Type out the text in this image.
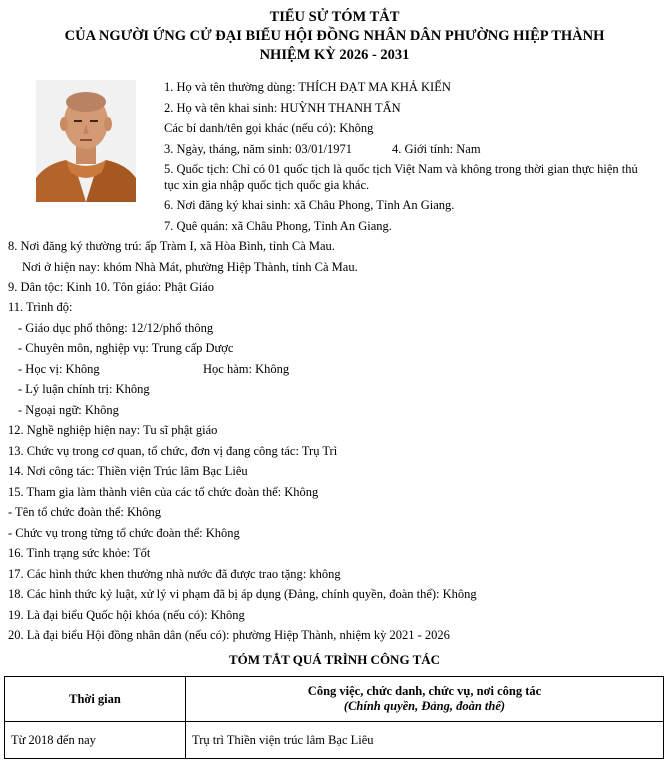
TIỂU SỬ TÓM TẮT
CỦA NGƯỜI ỨNG CỬ ĐẠI BIỂU HỘI ĐỒNG NHÂN DÂN PHƯỜNG HIỆP THÀNH
NHIỆM KỲ 2026 - 2031
1. Họ và tên thường dùng: THÍCH ĐẠT MA KHẢ KIẾN
2. Họ và tên khai sinh: HUỲNH THANH TẤN
Các bí danh/tên gọi khác (nếu có): Không
3. Ngày, tháng, năm sinh: 03/01/1971	4. Giới tính: Nam
5. Quốc tịch: Chỉ có 01 quốc tịch là quốc tịch Việt Nam và không trong thời gian thực hiện thủ
tục xin gia nhập quốc tịch quốc gia khác.
6. Nơi đăng ký khai sinh: xã Châu Phong, Tỉnh An Giang.
7. Quê quán: xã Châu Phong, Tỉnh An Giang.
8. Nơi đăng ký thường trú: ấp Tràm I, xã Hòa Bình, tỉnh Cà Mau.
Nơi ở hiện nay: khóm Nhà Mát, phường Hiệp Thành, tỉnh Cà Mau.
9. Dân tộc: Kinh 10. Tôn giáo: Phật Giáo
11. Trình độ:
- Giáo dục phổ thông: 12/12/phổ thông
- Chuyên môn, nghiệp vụ: Trung cấp Dược
- Học vị: Không	Học hàm: Không
- Lý luận chính trị: Không
- Ngoại ngữ: Không
12. Nghề nghiệp hiện nay: Tu sĩ phật giáo
13. Chức vụ trong cơ quan, tổ chức, đơn vị đang công tác: Trụ Trì
14. Nơi công tác: Thiền viện Trúc lâm Bạc Liêu
15. Tham gia làm thành viên của các tổ chức đoàn thể: Không
- Tên tổ chức đoàn thể: Không
- Chức vụ trong từng tổ chức đoàn thể: Không
16. Tình trạng sức khỏe: Tốt
17. Các hình thức khen thưởng nhà nước đã được trao tặng: không
18. Các hình thức kỷ luật, xử lý vi phạm đã bị áp dụng (Đảng, chính quyền, đoàn thể): Không
19. Là đại biểu Quốc hội khóa (nếu có): Không
20. Là đại biểu Hội đồng nhân dân (nếu có): phường Hiệp Thành, nhiệm kỳ 2021 - 2026
TÓM TẮT QUÁ TRÌNH CÔNG TÁC
Thời gian	Công việc, chức danh, chức vụ, nơi công tác
(Chính quyền, Đảng, đoàn thể)

Từ 2018 đến nay	Trụ trì Thiền viện trúc lâm Bạc Liêu
